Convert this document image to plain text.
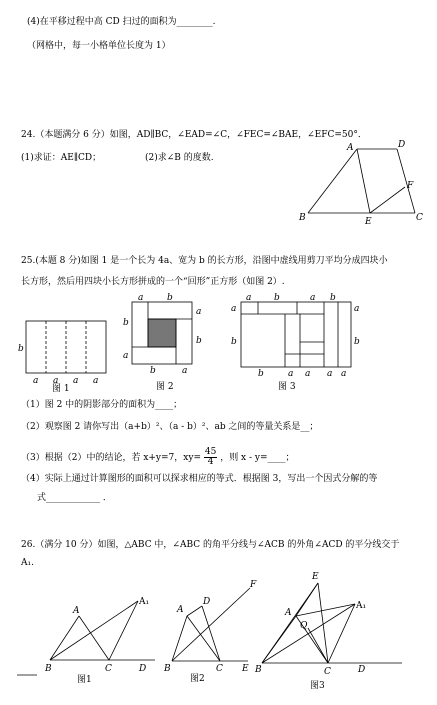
(4)在平移过程中高 CD 扫过的面积为________.
（网格中，每一小格单位长度为 1）
24.（本题满分 6 分）如图，AD∥BC，∠EAD=∠C，∠FEC=∠BAE，∠EFC=50°．
(1)求证：AE∥CD；	(2)求∠B 的度数.
A	D
F
B	E	C
25.(本题 8 分)如图 1 是一个长为 4a、宽为 b 的长方形，沿图中虚线用剪刀平均分成四块小
长方形，然后用四块小长方形拼成的一个“回形”正方形（如图 2）.
b
a a a a
图 1
a	b
b
a
b
a
b	a
图 2
a	b	a b
a
b
a
b
a a
b	a a
图 3
（1）图 2 中的阴影部分的面积为____；
（2）观察图 2 请你写出（a+b）²、（a - b）²、ab 之间的等量关系是__；
（3）根据（2）中的结论，若 x+y=7，$xy= \frac{45}{4}$ ，则 x - y=____；
（4）实际上通过计算图形的面积可以探求相应的等式．根据图 3，写出一个因式分解的等
式____________ ．
26.（满分 10 分）如图，△ABC 中，∠ABC 的角平分线与∠ACB 的外角∠ACD 的平分线交于
A₁.
A
A₁
B	C	D
图1
F
A
D
B	C E
图2
E
A
Q
A₁
B	C	D
图3
